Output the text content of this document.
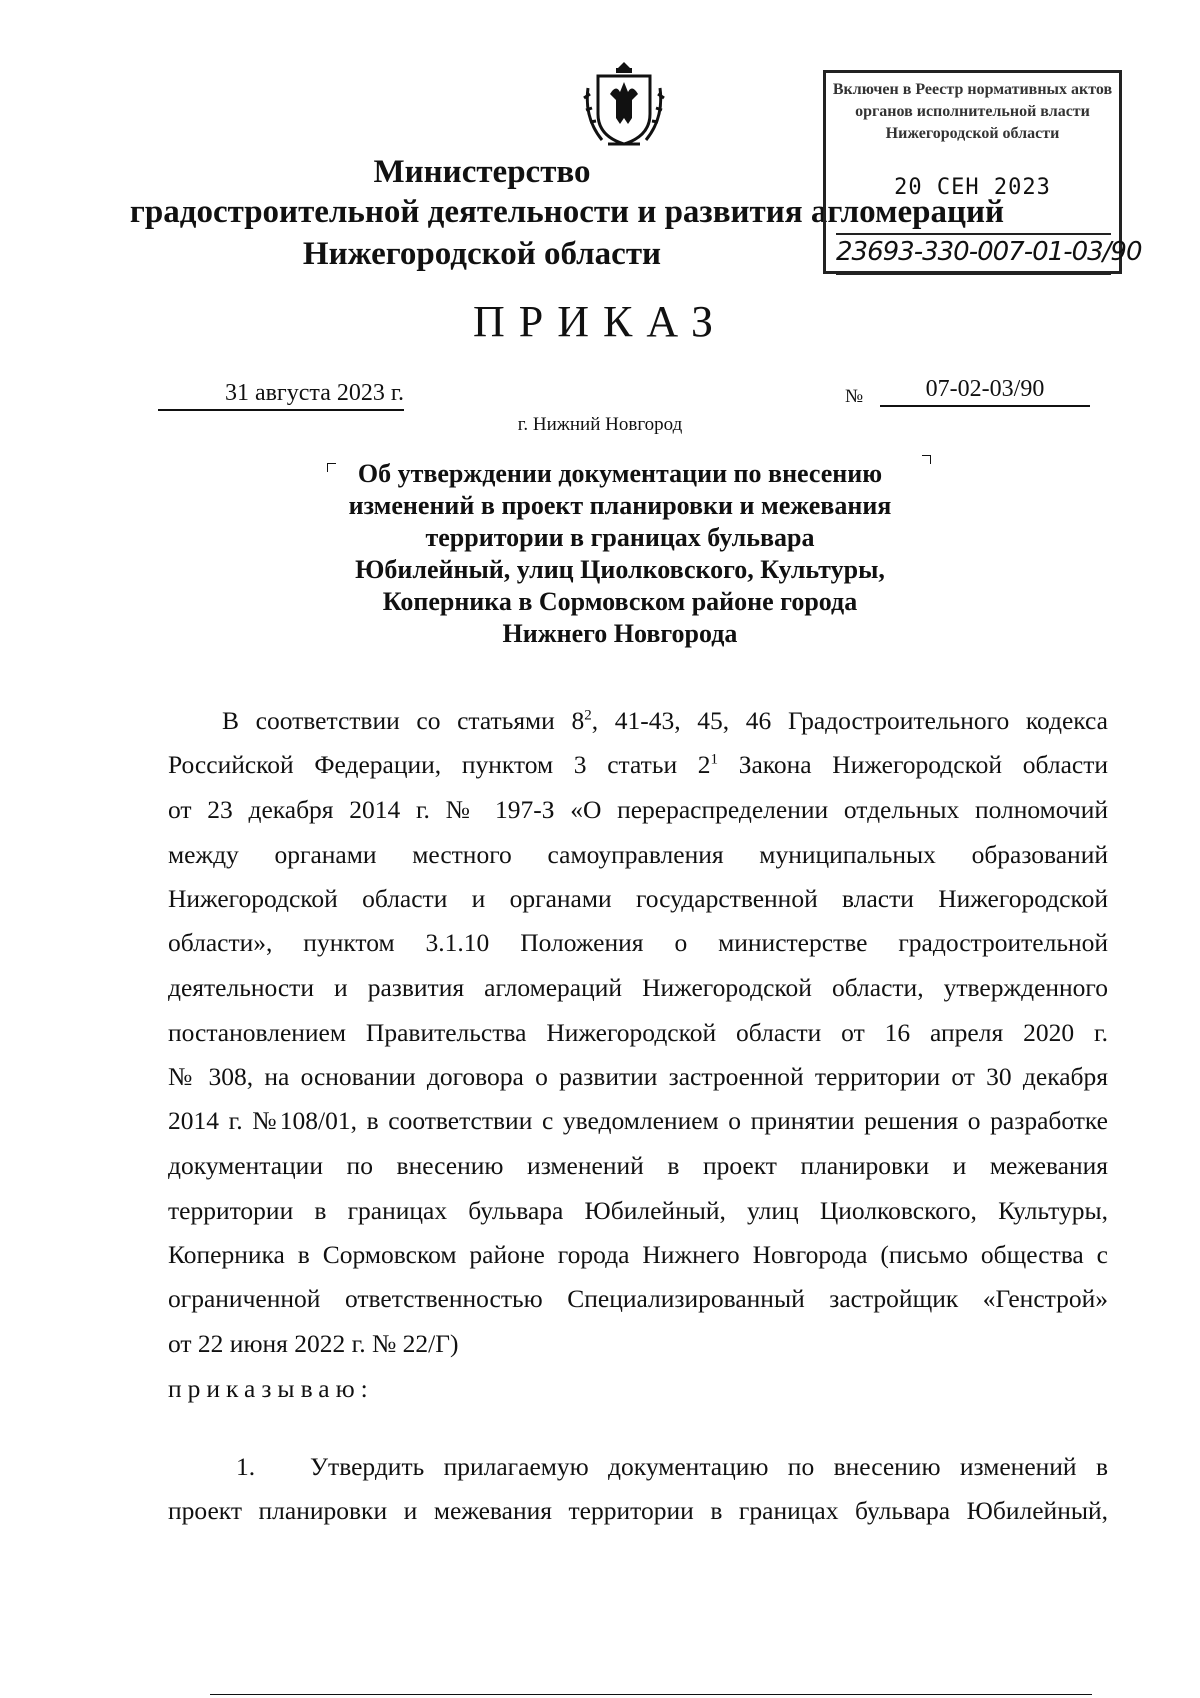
Министерство
градостроительной деятельности и развития агломераций
Нижегородской области
Включен в Реестр нормативных актов органов исполнительной власти Нижегородской области
20 СЕН 2023
23693-330-007-01-03/90
ПРИКАЗ
31 августа 2023 г.	№	07-02-03/90
г. Нижний Новгород
Об утверждении документации по внесению
изменений в проект планировки и межевания
территории в границах бульвара
Юбилейный, улиц Циолковского, Культуры,
Коперника в Сормовском районе города
Нижнего Новгорода
В соответствии со статьями $8^2$, 41-43, 45, 46 Градостроительного кодекса
Российской Федерации, пунктом 3 статьи $2^1$ Закона Нижегородской области
от 23 декабря 2014 г. № 197-З «О перераспределении отдельных полномочий
между органами местного самоуправления муниципальных образований
Нижегородской области и органами государственной власти Нижегородской
области», пунктом 3.1.10 Положения о министерстве градостроительной
деятельности и развития агломераций Нижегородской области, утвержденного
постановлением Правительства Нижегородской области от 16 апреля 2020 г.
№ 308, на основании договора о развитии застроенной территории от 30 декабря
2014 г. №108/01, в соответствии с уведомлением о принятии решения о разработке
документации по внесению изменений в проект планировки и межевания
территории в границах бульвара Юбилейный, улиц Циолковского, Культуры,
Коперника в Сормовском районе города Нижнего Новгорода (письмо общества с
ограниченной ответственностью Специализированный застройщик «Генстрой»
от 22 июня 2022 г. № 22/Г)
приказываю:
1.	Утвердить прилагаемую документацию по внесению изменений в
проект планировки и межевания территории в границах бульвара Юбилейный,
